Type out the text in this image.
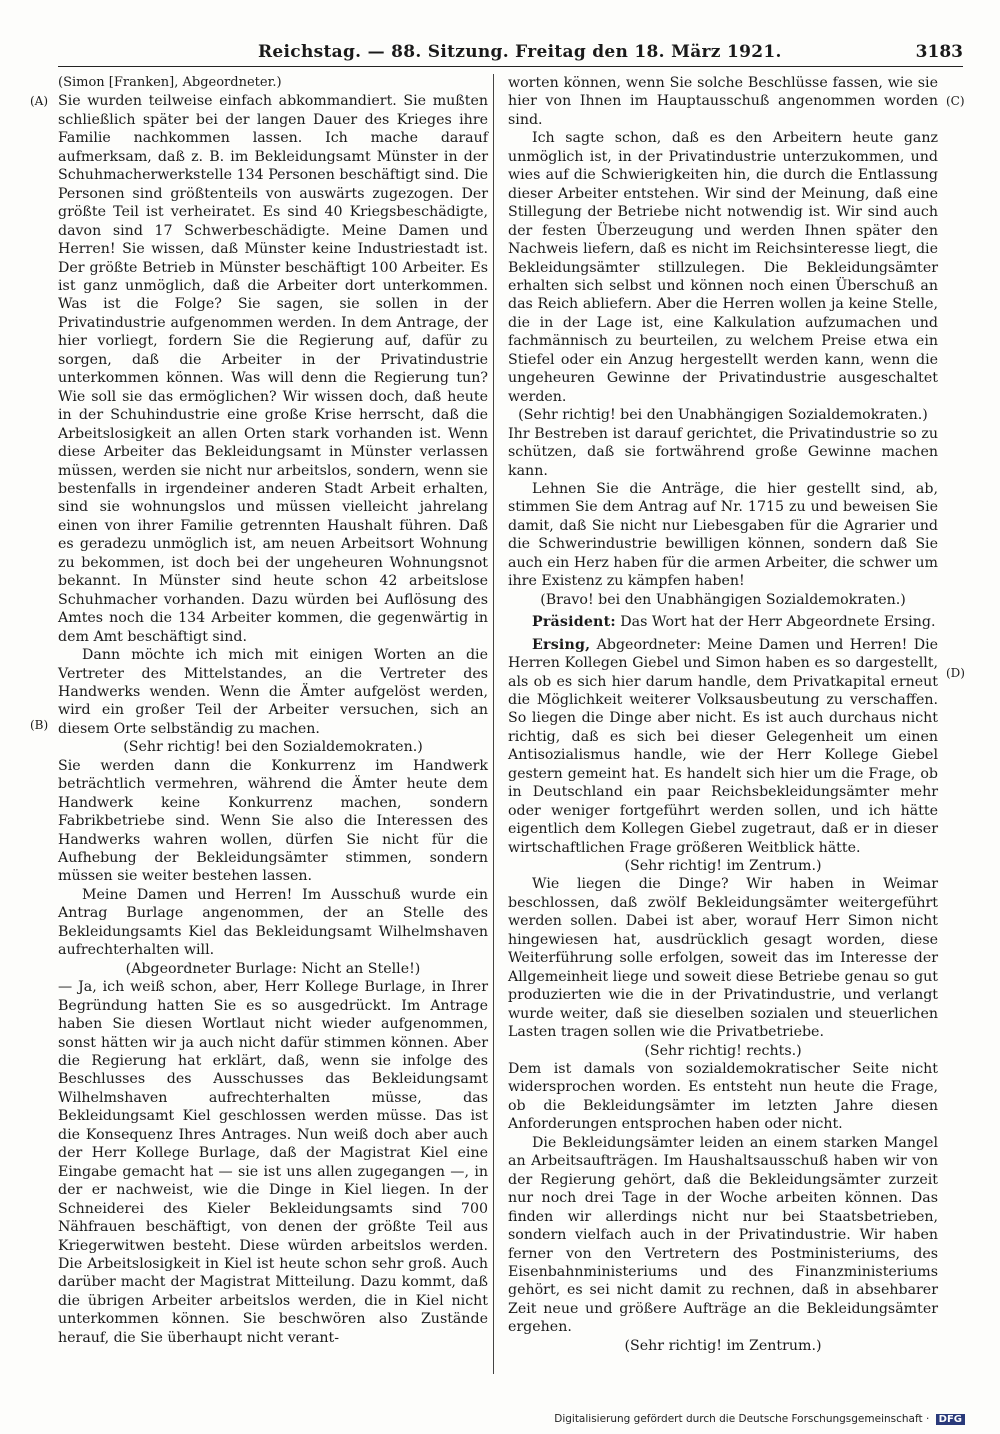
Reichstag. — 88. Sitzung. Freitag den 18. März 1921.	3183
(A)
(B)
(C)
(D)

(Simon [Franken], Abgeordneter.)

Sie wurden teilweise einfach abkommandiert. Sie mußten schließlich später bei der langen Dauer des Krieges ihre Familie nachkommen lassen. Ich mache darauf aufmerksam, daß z. B. im Bekleidungsamt Münster in der Schuhmacherwerkstelle 134 Personen beschäftigt sind. Die Personen sind größtenteils von auswärts zugezogen. Der größte Teil ist verheiratet. Es sind 40 Kriegsbeschädigte, davon sind 17 Schwerbeschädigte. Meine Damen und Herren! Sie wissen, daß Münster keine Industriestadt ist. Der größte Betrieb in Münster beschäftigt 100 Arbeiter. Es ist ganz unmöglich, daß die Arbeiter dort unterkommen. Was ist die Folge? Sie sagen, sie sollen in der Privatindustrie aufgenommen werden. In dem Antrage, der hier vorliegt, fordern Sie die Regierung auf, dafür zu sorgen, daß die Arbeiter in der Privatindustrie unterkommen können. Was will denn die Regierung tun? Wie soll sie das ermöglichen? Wir wissen doch, daß heute in der Schuhindustrie eine große Krise herrscht, daß die Arbeitslosigkeit an allen Orten stark vorhanden ist. Wenn diese Arbeiter das Bekleidungsamt in Münster verlassen müssen, werden sie nicht nur arbeitslos, sondern, wenn sie bestenfalls in irgendeiner anderen Stadt Arbeit erhalten, sind sie wohnungslos und müssen vielleicht jahrelang einen von ihrer Familie getrennten Haushalt führen. Daß es geradezu unmöglich ist, am neuen Arbeitsort Wohnung zu bekommen, ist doch bei der ungeheuren Wohnungsnot bekannt. In Münster sind heute schon 42 arbeitslose Schuhmacher vorhanden. Dazu würden bei Auflösung des Amtes noch die 134 Arbeiter kommen, die gegenwärtig in dem Amt beschäftigt sind.

Dann möchte ich mich mit einigen Worten an die Vertreter des Mittelstandes, an die Vertreter des Handwerks wenden. Wenn die Ämter aufgelöst werden, wird ein großer Teil der Arbeiter versuchen, sich an diesem Orte selbständig zu machen.

(Sehr richtig! bei den Sozialdemokraten.)

Sie werden dann die Konkurrenz im Handwerk beträchtlich vermehren, während die Ämter heute dem Handwerk keine Konkurrenz machen, sondern Fabrikbetriebe sind. Wenn Sie also die Interessen des Handwerks wahren wollen, dürfen Sie nicht für die Aufhebung der Bekleidungsämter stimmen, sondern müssen sie weiter bestehen lassen.

Meine Damen und Herren! Im Ausschuß wurde ein Antrag Burlage angenommen, der an Stelle des Bekleidungsamts Kiel das Bekleidungsamt Wilhelmshaven aufrechterhalten will.

(Abgeordneter Burlage: Nicht an Stelle!)

— Ja, ich weiß schon, aber, Herr Kollege Burlage, in Ihrer Begründung hatten Sie es so ausgedrückt. Im Antrage haben Sie diesen Wortlaut nicht wieder aufgenommen, sonst hätten wir ja auch nicht dafür stimmen können. Aber die Regierung hat erklärt, daß, wenn sie infolge des Beschlusses des Ausschusses das Bekleidungsamt Wilhelmshaven aufrechterhalten müsse, das Bekleidungsamt Kiel geschlossen werden müsse. Das ist die Konsequenz Ihres Antrages. Nun weiß doch aber auch der Herr Kollege Burlage, daß der Magistrat Kiel eine Eingabe gemacht hat — sie ist uns allen zugegangen —, in der er nachweist, wie die Dinge in Kiel liegen. In der Schneiderei des Kieler Bekleidungsamts sind 700 Nähfrauen beschäftigt, von denen der größte Teil aus Kriegerwitwen besteht. Diese würden arbeitslos werden. Die Arbeitslosigkeit in Kiel ist heute schon sehr groß. Auch darüber macht der Magistrat Mitteilung. Dazu kommt, daß die übrigen Arbeiter arbeitslos werden, die in Kiel nicht unterkommen können. Sie beschwören also Zustände herauf, die Sie überhaupt nicht verant-

worten können, wenn Sie solche Beschlüsse fassen, wie sie hier von Ihnen im Hauptausschuß angenommen worden sind.

Ich sagte schon, daß es den Arbeitern heute ganz unmöglich ist, in der Privatindustrie unterzukommen, und wies auf die Schwierigkeiten hin, die durch die Entlassung dieser Arbeiter entstehen. Wir sind der Meinung, daß eine Stillegung der Betriebe nicht notwendig ist. Wir sind auch der festen Überzeugung und werden Ihnen später den Nachweis liefern, daß es nicht im Reichsinteresse liegt, die Bekleidungsämter stillzulegen. Die Bekleidungsämter erhalten sich selbst und können noch einen Überschuß an das Reich abliefern. Aber die Herren wollen ja keine Stelle, die in der Lage ist, eine Kalkulation aufzumachen und fachmännisch zu beurteilen, zu welchem Preise etwa ein Stiefel oder ein Anzug hergestellt werden kann, wenn die ungeheuren Gewinne der Privatindustrie ausgeschaltet werden.

(Sehr richtig! bei den Unabhängigen Sozialdemokraten.)

Ihr Bestreben ist darauf gerichtet, die Privatindustrie so zu schützen, daß sie fortwährend große Gewinne machen kann.

Lehnen Sie die Anträge, die hier gestellt sind, ab, stimmen Sie dem Antrag auf Nr. 1715 zu und beweisen Sie damit, daß Sie nicht nur Liebesgaben für die Agrarier und die Schwerindustrie bewilligen können, sondern daß Sie auch ein Herz haben für die armen Arbeiter, die schwer um ihre Existenz zu kämpfen haben!

(Bravo! bei den Unabhängigen Sozialdemokraten.)

Präsident: Das Wort hat der Herr Abgeordnete Ersing.

Ersing, Abgeordneter: Meine Damen und Herren! Die Herren Kollegen Giebel und Simon haben es so dargestellt, als ob es sich hier darum handle, dem Privatkapital erneut die Möglichkeit weiterer Volksausbeutung zu verschaffen. So liegen die Dinge aber nicht. Es ist auch durchaus nicht richtig, daß es sich bei dieser Gelegenheit um einen Antisozialismus handle, wie der Herr Kollege Giebel gestern gemeint hat. Es handelt sich hier um die Frage, ob in Deutschland ein paar Reichsbekleidungsämter mehr oder weniger fortgeführt werden sollen, und ich hätte eigentlich dem Kollegen Giebel zugetraut, daß er in dieser wirtschaftlichen Frage größeren Weitblick hätte.

(Sehr richtig! im Zentrum.)

Wie liegen die Dinge? Wir haben in Weimar beschlossen, daß zwölf Bekleidungsämter weitergeführt werden sollen. Dabei ist aber, worauf Herr Simon nicht hingewiesen hat, ausdrücklich gesagt worden, diese Weiterführung solle erfolgen, soweit das im Interesse der Allgemeinheit liege und soweit diese Betriebe genau so gut produzierten wie die in der Privatindustrie, und verlangt wurde weiter, daß sie dieselben sozialen und steuerlichen Lasten tragen sollen wie die Privatbetriebe.

(Sehr richtig! rechts.)

Dem ist damals von sozialdemokratischer Seite nicht widersprochen worden. Es entsteht nun heute die Frage, ob die Bekleidungsämter im letzten Jahre diesen Anforderungen entsprochen haben oder nicht.

Die Bekleidungsämter leiden an einem starken Mangel an Arbeitsaufträgen. Im Haushaltsausschuß haben wir von der Regierung gehört, daß die Bekleidungsämter zurzeit nur noch drei Tage in der Woche arbeiten können. Das finden wir allerdings nicht nur bei Staatsbetrieben, sondern vielfach auch in der Privatindustrie. Wir haben ferner von den Vertretern des Postministeriums, des Eisenbahnministeriums und des Finanzministeriums gehört, es sei nicht damit zu rechnen, daß in absehbarer Zeit neue und größere Aufträge an die Bekleidungsämter ergehen.

(Sehr richtig! im Zentrum.)

Digitalisierung gefördert durch die Deutsche Forschungsgemeinschaft · DFG
